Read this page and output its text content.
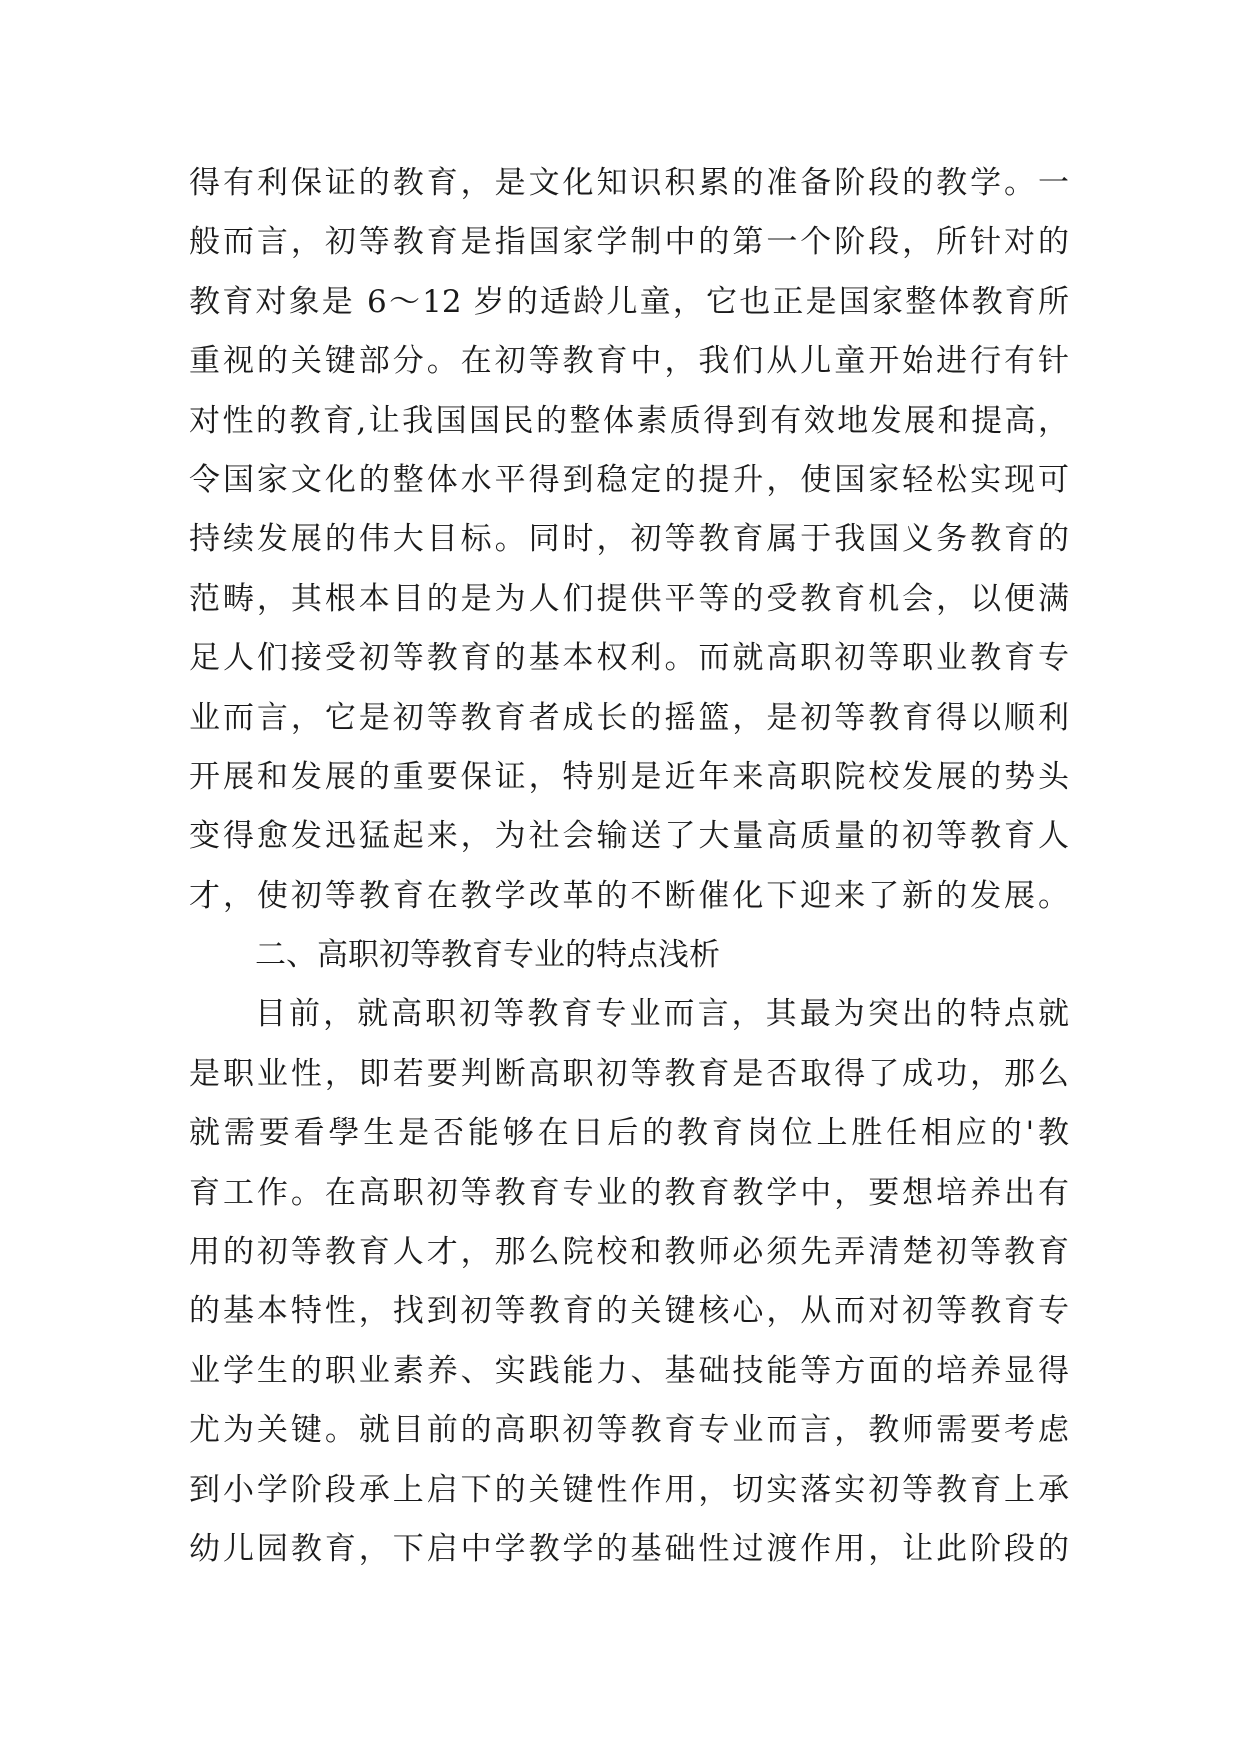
得有利保证的教育，是文化知识积累的准备阶段的教学。一
般而言，初等教育是指国家学制中的第一个阶段，所针对的
教育对象是 6～12 岁的适龄儿童，它也正是国家整体教育所
重视的关键部分。在初等教育中，我们从儿童开始进行有针
对性的教育,让我国国民的整体素质得到有效地发展和提高，
令国家文化的整体水平得到稳定的提升，使国家轻松实现可
持续发展的伟大目标。同时，初等教育属于我国义务教育的
范畴，其根本目的是为人们提供平等的受教育机会，以便满
足人们接受初等教育的基本权利。而就高职初等职业教育专
业而言，它是初等教育者成长的摇篮，是初等教育得以顺利
开展和发展的重要保证，特别是近年来高职院校发展的势头
变得愈发迅猛起来，为社会输送了大量高质量的初等教育人
才，使初等教育在教学改革的不断催化下迎来了新的发展。
二、高职初等教育专业的特点浅析
目前，就高职初等教育专业而言，其最为突出的特点就
是职业性，即若要判断高职初等教育是否取得了成功，那么
就需要看學生是否能够在日后的教育岗位上胜任相应的'教
育工作。在高职初等教育专业的教育教学中，要想培养出有
用的初等教育人才，那么院校和教师必须先弄清楚初等教育
的基本特性，找到初等教育的关键核心，从而对初等教育专
业学生的职业素养、实践能力、基础技能等方面的培养显得
尤为关键。就目前的高职初等教育专业而言，教师需要考虑
到小学阶段承上启下的关键性作用，切实落实初等教育上承
幼儿园教育，下启中学教学的基础性过渡作用，让此阶段的
